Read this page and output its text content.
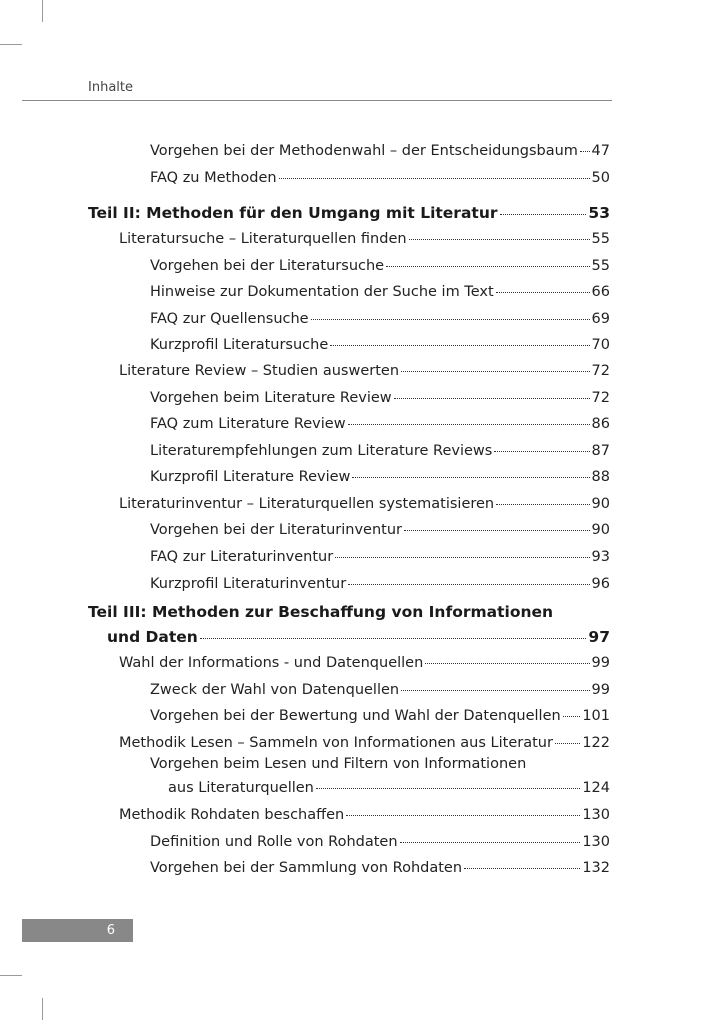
Inhalte
Vorgehen bei der Methodenwahl – der Entscheidungsbaum 47
FAQ zu Methoden	50
Teil II: Methoden für den Umgang mit Literatur	53
Literatursuche – Literaturquellen finden	55
Vorgehen bei der Literatursuche	55
Hinweise zur Dokumentation der Suche im Text	66
FAQ zur Quellensuche	69
Kurzprofil Literatursuche	70
Literature Review – Studien auswerten	72
Vorgehen beim Literature Review	72
FAQ zum Literature Review	86
Literaturempfehlungen zum Literature Reviews	87
Kurzprofil Literature Review	88
Literaturinventur – Literaturquellen systematisieren	90
Vorgehen bei der Literaturinventur	90
FAQ zur Literaturinventur	93
Kurzprofil Literaturinventur	96
Teil III: Methoden zur Beschaffung von Informationen
und Daten	97
Wahl der Informations - und Datenquellen	99
Zweck der Wahl von Datenquellen	99
Vorgehen bei der Bewertung und Wahl der Datenquellen 101
Methodik Lesen – Sammeln von Informationen aus Literatur 122
Vorgehen beim Lesen und Filtern von Informationen
aus Literaturquellen	124
Methodik Rohdaten beschaffen	130
Definition und Rolle von Rohdaten	130
Vorgehen bei der Sammlung von Rohdaten	132
6
